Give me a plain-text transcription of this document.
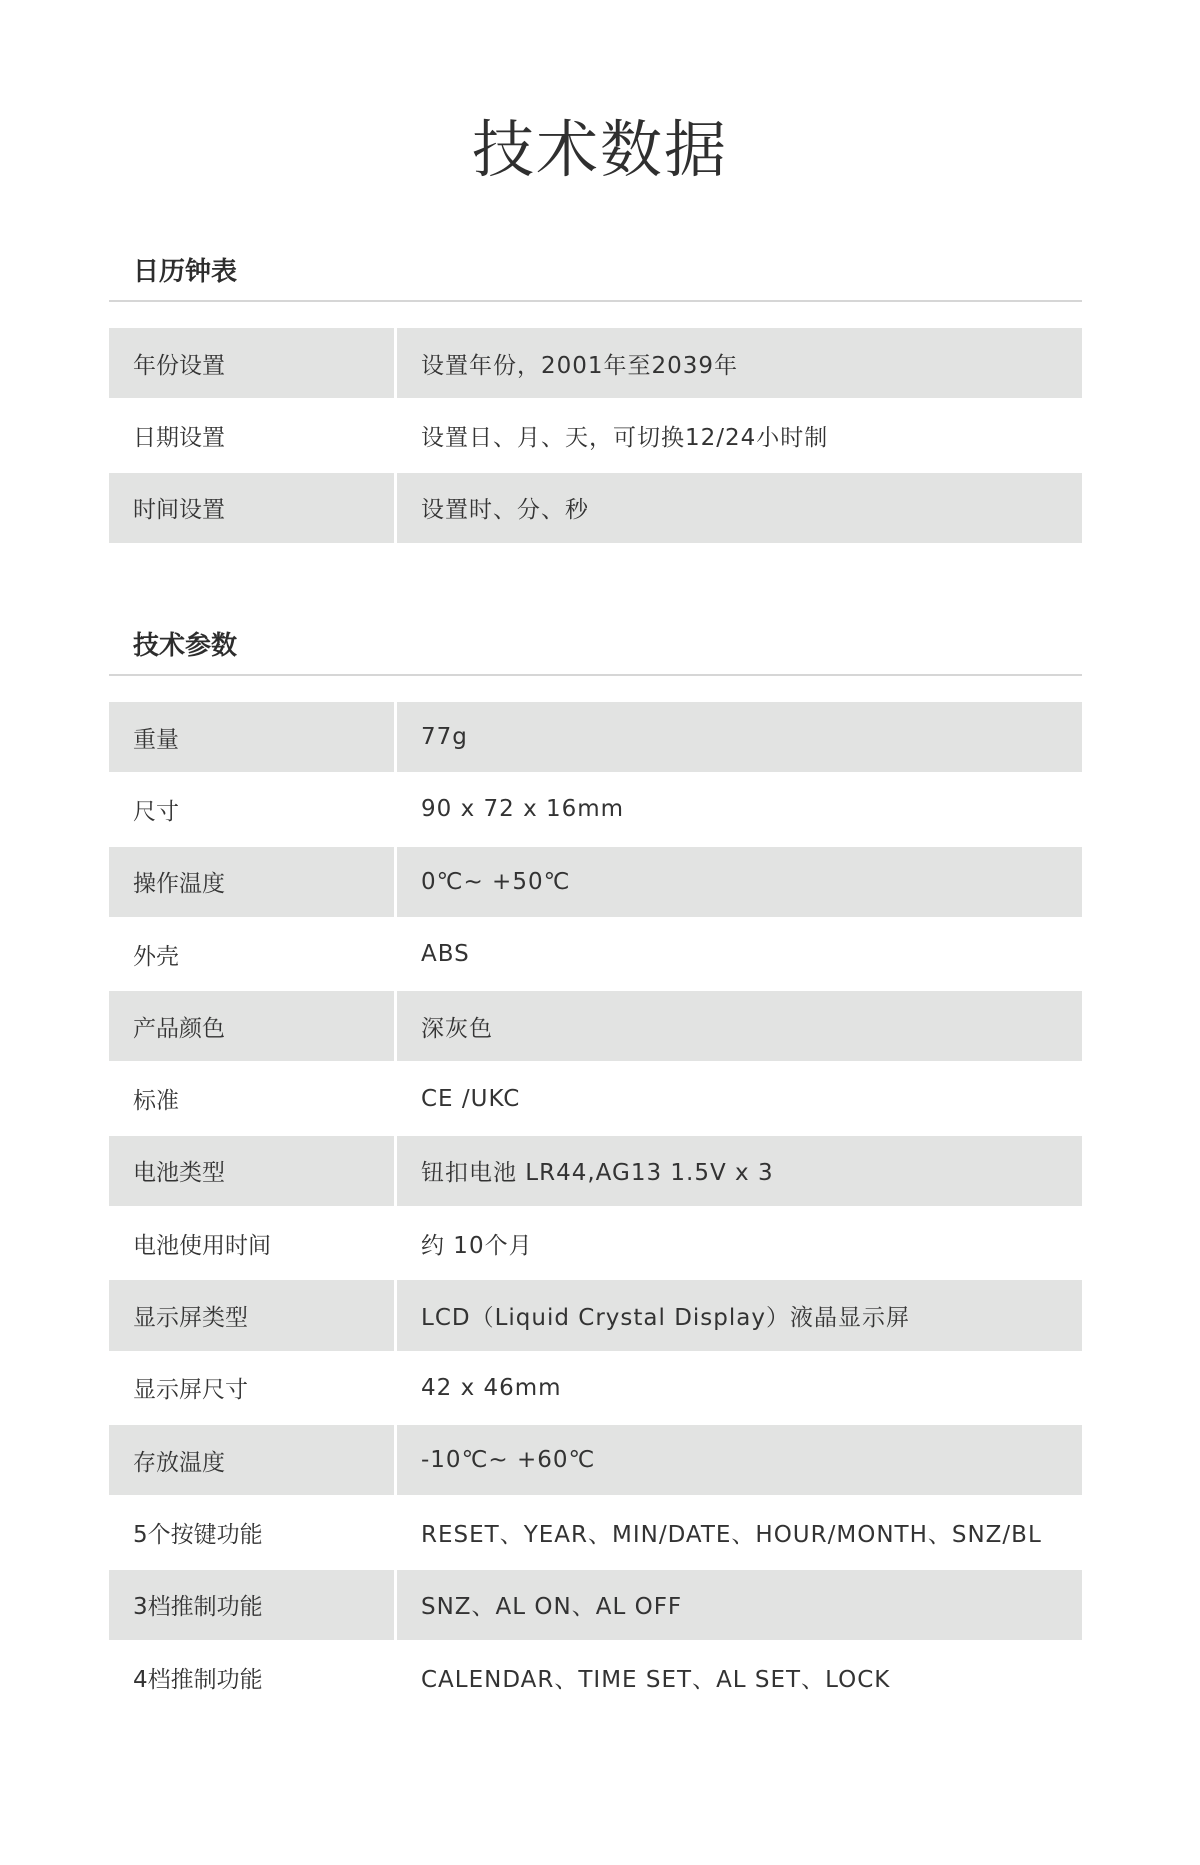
技术数据
日历钟表
年份设置	设置年份，2001年至2039年
日期设置	设置日、月、天，可切换12/24小时制
时间设置	设置时、分、秒
技术参数
重量	77g
尺寸	90 x 72 x 16mm
操作温度	0℃~ +50℃
外壳	ABS
产品颜色	深灰色
标准	CE /UKC
电池类型	钮扣电池 LR44,AG13 1.5V x 3
电池使用时间	约 10个月
显示屏类型	LCD（Liquid Crystal Display）液晶显示屏
显示屏尺寸	42 x 46mm
存放温度	-10℃~ +60℃
5个按键功能	RESET、YEAR、MIN/DATE、HOUR/MONTH、SNZ/BL
3档推制功能	SNZ、AL ON、AL OFF
4档推制功能	CALENDAR、TIME SET、AL SET、LOCK
